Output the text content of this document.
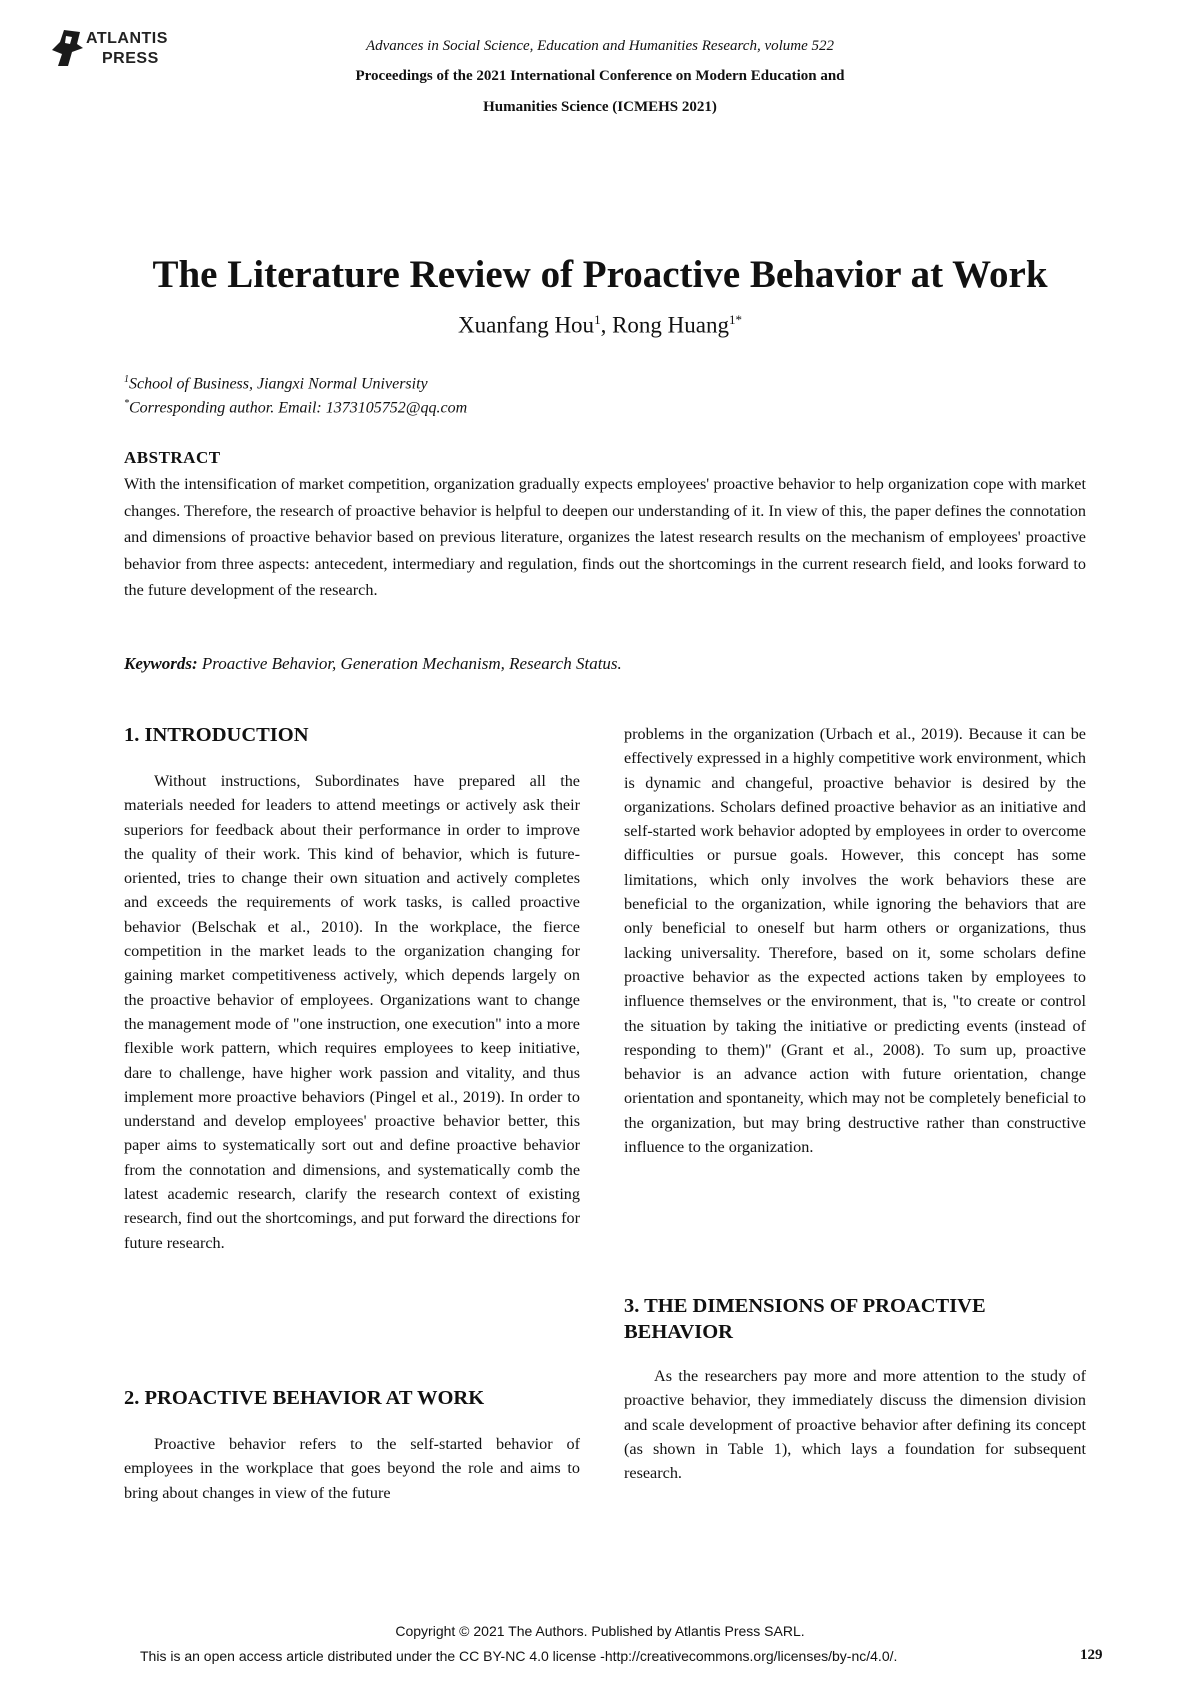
ATLANTIS
PRESS
Advances in Social Science, Education and Humanities Research, volume 522
Proceedings of the 2021 International Conference on Modern Education and
Humanities Science (ICMEHS 2021)
The Literature Review of Proactive Behavior at Work
Xuanfang Hou$^1$, Rong Huang$^{1*}$
$^1$School of Business, Jiangxi Normal University
*Corresponding author. Email: 1373105752@qq.com
ABSTRACT
With the intensification of market competition, organization gradually expects employees' proactive behavior to help organization cope with market changes. Therefore, the research of proactive behavior is helpful to deepen our understanding of it. In view of this, the paper defines the connotation and dimensions of proactive behavior based on previous literature, organizes the latest research results on the mechanism of employees' proactive behavior from three aspects: antecedent, intermediary and regulation, finds out the shortcomings in the current research field, and looks forward to the future development of the research.
Keywords: Proactive Behavior, Generation Mechanism, Research Status.
1. INTRODUCTION

Without instructions, Subordinates have prepared all the materials needed for leaders to attend meetings or actively ask their superiors for feedback about their performance in order to improve the quality of their work. This kind of behavior, which is future-oriented, tries to change their own situation and actively completes and exceeds the requirements of work tasks, is called proactive behavior (Belschak et al., 2010). In the workplace, the fierce competition in the market leads to the organization changing for gaining market competitiveness actively, which depends largely on the proactive behavior of employees. Organizations want to change the management mode of "one instruction, one execution" into a more flexible work pattern, which requires employees to keep initiative, dare to challenge, have higher work passion and vitality, and thus implement more proactive behaviors (Pingel et al., 2019). In order to understand and develop employees' proactive behavior better, this paper aims to systematically sort out and define proactive behavior from the connotation and dimensions, and systematically comb the latest academic research, clarify the research context of existing research, find out the shortcomings, and put forward the directions for future research.

2. PROACTIVE BEHAVIOR AT WORK

Proactive behavior refers to the self-started behavior of employees in the workplace that goes beyond the role and aims to bring about changes in view of the future

problems in the organization (Urbach et al., 2019). Because it can be effectively expressed in a highly competitive work environment, which is dynamic and changeful, proactive behavior is desired by the organizations. Scholars defined proactive behavior as an initiative and self-started work behavior adopted by employees in order to overcome difficulties or pursue goals. However, this concept has some limitations, which only involves the work behaviors these are beneficial to the organization, while ignoring the behaviors that are only beneficial to oneself but harm others or organizations, thus lacking universality. Therefore, based on it, some scholars define proactive behavior as the expected actions taken by employees to influence themselves or the environment, that is, "to create or control the situation by taking the initiative or predicting events (instead of responding to them)" (Grant et al., 2008). To sum up, proactive behavior is an advance action with future orientation, change orientation and spontaneity, which may not be completely beneficial to the organization, but may bring destructive rather than constructive influence to the organization.

3. THE DIMENSIONS OF PROACTIVE BEHAVIOR

As the researchers pay more and more attention to the study of proactive behavior, they immediately discuss the dimension division and scale development of proactive behavior after defining its concept (as shown in Table 1), which lays a foundation for subsequent research.

Copyright © 2021 The Authors. Published by Atlantis Press SARL.
This is an open access article distributed under the CC BY-NC 4.0 license -http://creativecommons.org/licenses/by-nc/4.0/.	129
